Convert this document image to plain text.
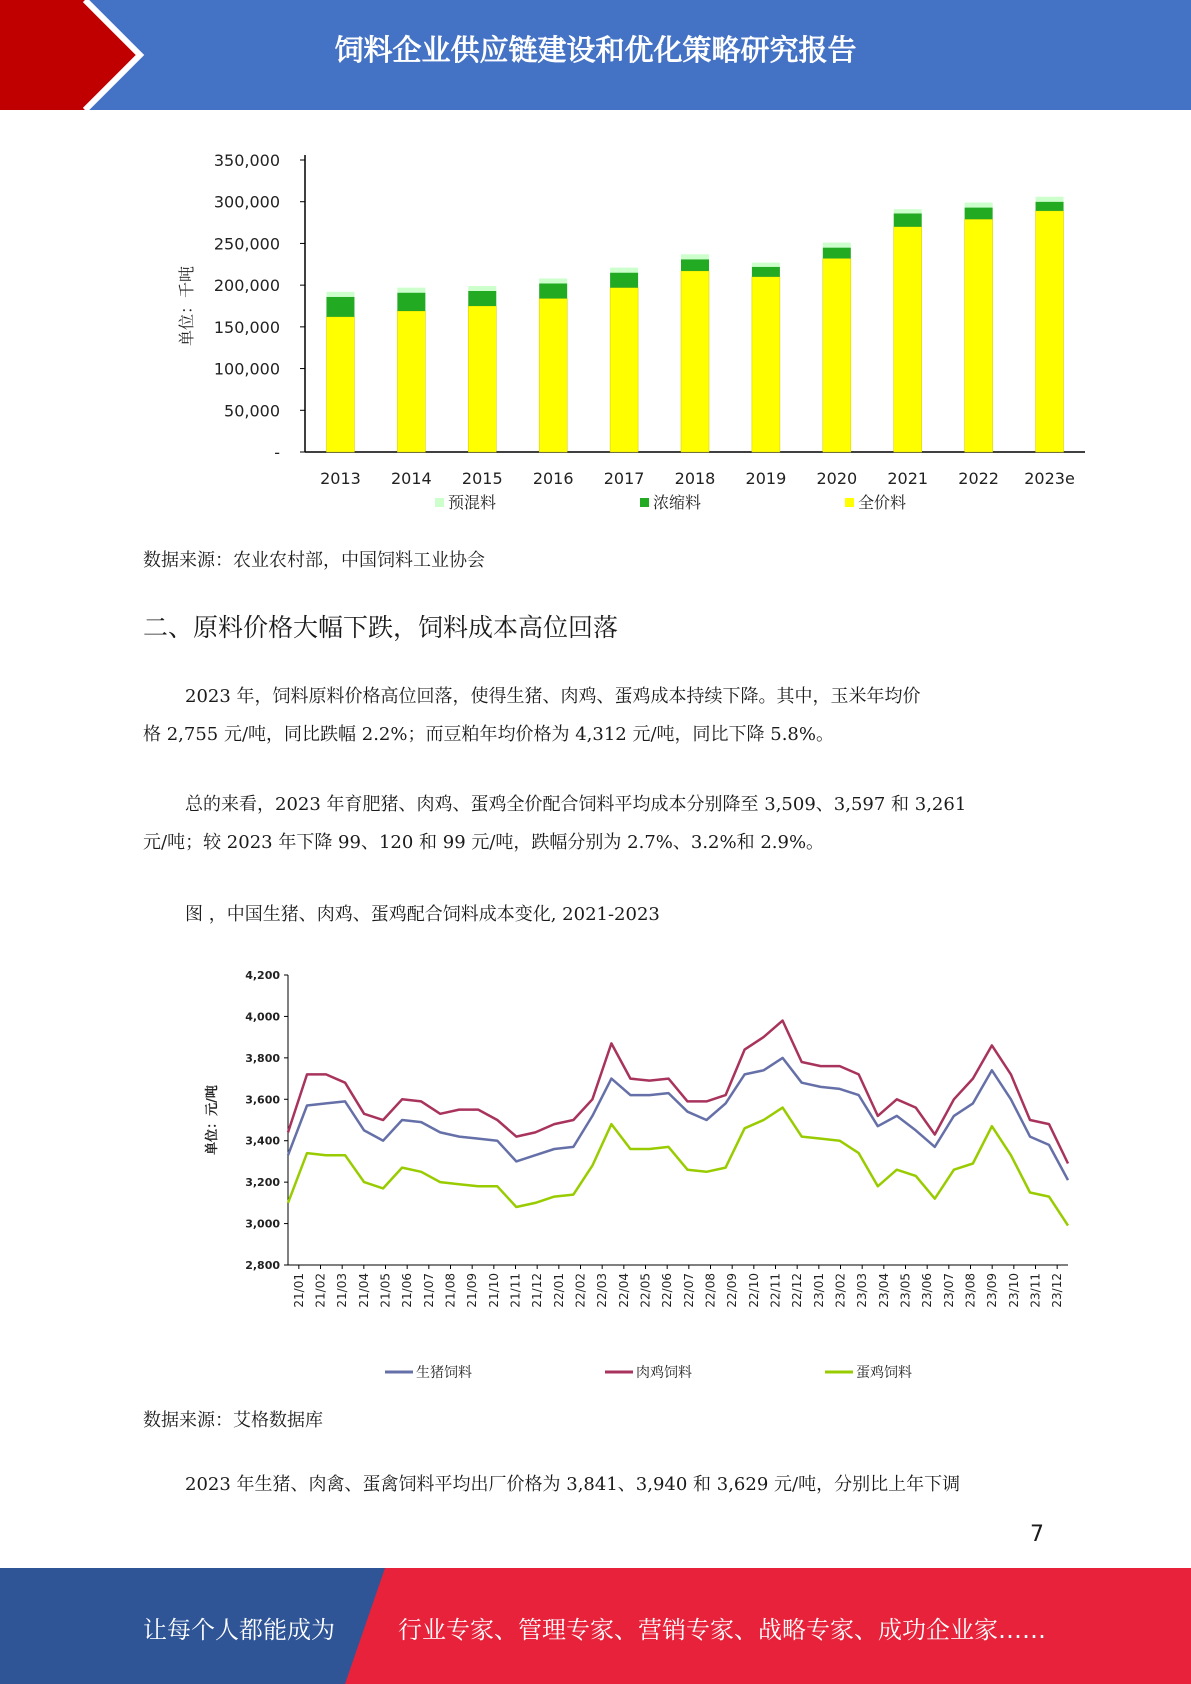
饲料企业供应链建设和优化策略研究报告
-
50,000
100,000
150,000
200,000
250,000
300,000
350,000
2013 2014 2015 2016 2017 2018 2019 2020 2021 2022 2023e
单位：千吨
预混料	浓缩料	全价料
数据来源：农业农村部，中国饲料工业协会
二、原料价格大幅下跌，饲料成本高位回落

2023 年，饲料原料价格高位回落，使得生猪、肉鸡、蛋鸡成本持续下降。其中，玉米年均价

格 2,755 元/吨，同比跌幅 2.2%；而豆粕年均价格为 4,312 元/吨，同比下降 5.8%。

总的来看，2023 年育肥猪、肉鸡、蛋鸡全价配合饲料平均成本分别降至 3,509、3,597 和 3,261

元/吨；较 2023 年下降 99、120 和 99 元/吨，跌幅分别为 2.7%、3.2%和 2.9%。

图 ，中国生猪、肉鸡、蛋鸡配合饲料成本变化, 2021-2023
2,800
3,000
3,200
3,400
3,600
3,800
4,000
4,200
21/01 21/02 21/03 21/04 21/05 21/06 21/07 21/08 21/09 21/10 21/11 21/12 22/01 22/02 22/03 22/04 22/05 22/06 22/07 22/08 22/09 22/10 22/11 22/12 23/01 23/02 23/03 23/04 23/05 23/06 23/07 23/08 23/09 23/10 23/11 23/12
单位：元/吨
生猪饲料	肉鸡饲料	蛋鸡饲料
数据来源：艾格数据库

2023 年生猪、肉禽、蛋禽饲料平均出厂价格为 3,841、3,940 和 3,629 元/吨，分别比上年下调

7
让每个人都能成为	行业专家、管理专家、营销专家、战略专家、成功企业家……
